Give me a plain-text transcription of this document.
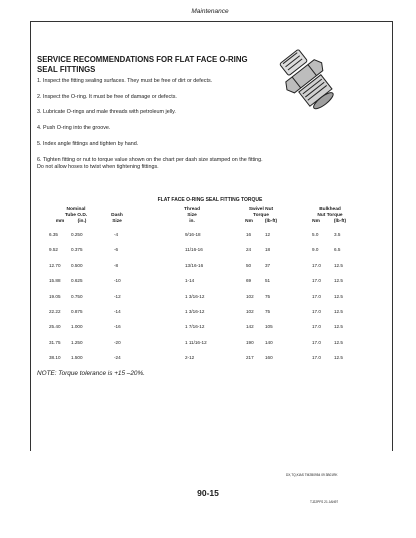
Maintenance
SERVICE RECOMMENDATIONS FOR FLAT FACE O-RING SEAL FITTINGS
1. Inspect the fitting sealing surfaces. They must be free of dirt or defects.
2. Inspect the O-ring. It must be free of damage or defects.
3. Lubricate O-rings and male threads with petroleum jelly.
4. Push O-ring into the groove.
5. Index angle fittings and tighten by hand.
6. Tighten fitting or nut to torque value shown on the chart per dash size stamped on the fitting. Do not allow hoses to twist when tightening fittings.
FLAT FACE O-RING SEAL FITTING TORQUE
Nominal
Tube O.D.
mm	(in.)
Dash
Size
Thread
Size
in.
Swivel Nut
Torque
Nm	(lb-ft)
Bulkhead
Nut Torque
Nm	(lb-ft)
6.35	0.250	-4	9/16-18	16	12	5.0	3.5
9.52	0.375	-6	11/16-16	24	18	9.0	6.5
12.70 0.500	-8	13/16-16	50	37	17.0	12.5
15.88 0.625	-10	1-14	69	51	17.0	12.5
19.05 0.750	-12	1 3/16-12	102 75	17.0	12.5
22.22 0.875	-14	1 3/16-12	102 75	17.0	12.5
25.40 1.000	-16	1 7/16-12	142 105	17.0	12.5
31.75 1.250	-20	1 11/16-12	190 140	17.0	12.5
38.10 1.500	-24	2-12	217 160	17.0	12.5
NOTE: Torque tolerance is +15 –20%.
DX,TQ,KIAS TM2B0954 09 3B01RK
90-15
TJ22PFS 21 JAN97
